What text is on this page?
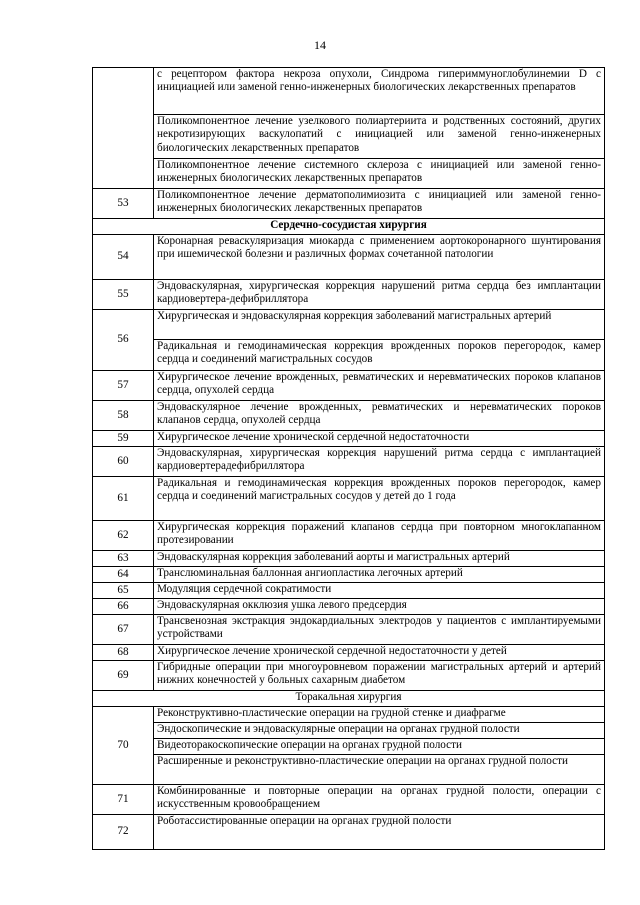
14
	с рецептором фактора некроза опухоли, Синдрома гипериммуноглобулинемии D с инициацией или заменой генно-инженерных биологических лекарственных препаратов
	Поликомпонентное лечение узелкового полиартериита и родственных состояний, других некротизирующих васкулопатий с инициацией или заменой генно-инженерных биологических лекарственных препаратов
	Поликомпонентное лечение системного склероза с инициацией или заменой генно-инженерных биологических лекарственных препаратов
53	Поликомпонентное лечение дерматополимиозита с инициацией или заменой генно-инженерных биологических лекарственных препаратов
Сердечно-сосудистая хирургия	
54	Коронарная реваскуляризация миокарда с применением аортокоронарного шунтирования при ишемической болезни и различных формах сочетанной патологии
55	Эндоваскулярная, хирургическая коррекция нарушений ритма сердца без имплантации кардиовертера-дефибриллятора
56	Хирургическая и эндоваскулярная коррекция заболеваний магистральных артерий
	Радикальная и гемодинамическая коррекция врожденных пороков перегородок, камер сердца и соединений магистральных сосудов
57	Хирургическое лечение врожденных, ревматических и неревматических пороков клапанов сердца, опухолей сердца
58	Эндоваскулярное лечение врожденных, ревматических и неревматических пороков клапанов сердца, опухолей сердца
59	Хирургическое лечение хронической сердечной недостаточности
60	Эндоваскулярная, хирургическая коррекция нарушений ритма сердца с имплантацией кардиовертерадефибриллятора
61	Радикальная и гемодинамическая коррекция врожденных пороков перегородок, камер сердца и соединений магистральных сосудов у детей до 1 года
62	Хирургическая коррекция поражений клапанов сердца при повторном многоклапанном протезировании
63	Эндоваскулярная коррекция заболеваний аорты и магистральных артерий
64	Транслюминальная баллонная ангиопластика легочных артерий
65	Модуляция сердечной сократимости
66	Эндоваскулярная окклюзия ушка левого предсердия
67	Трансвенозная экстракция эндокардиальных электродов у пациентов с имплантируемыми устройствами
68	Хирургическое лечение хронической сердечной недостаточности у детей
69	Гибридные операции при многоуровневом поражении магистральных артерий и артерий нижних конечностей у больных сахарным диабетом
Торакальная хирургия	
70	Реконструктивно-пластические операции на грудной стенке и диафрагме
	Эндоскопические и эндоваскулярные операции на органах грудной полости
	Видеоторакоскопические операции на органах грудной полости
	Расширенные и реконструктивно-пластические операции на органах грудной полости
71	Комбинированные и повторные операции на органах грудной полости, операции с искусственным кровообращением
72	Роботассистированные операции на органах грудной полости
